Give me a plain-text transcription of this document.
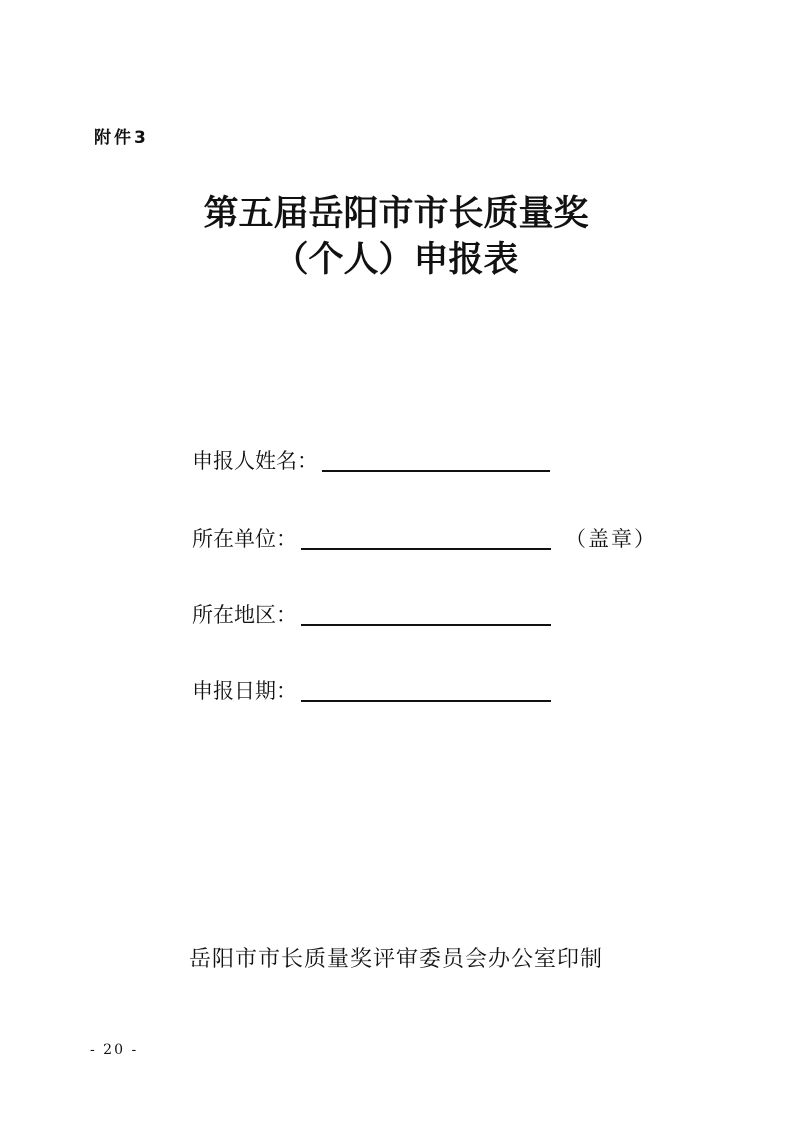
附件3
第五届岳阳市市长质量奖
（个人）申报表
申报人姓名：
所在单位：	（盖章）
所在地区：
申报日期：
岳阳市市长质量奖评审委员会办公室印制
- 20 -
